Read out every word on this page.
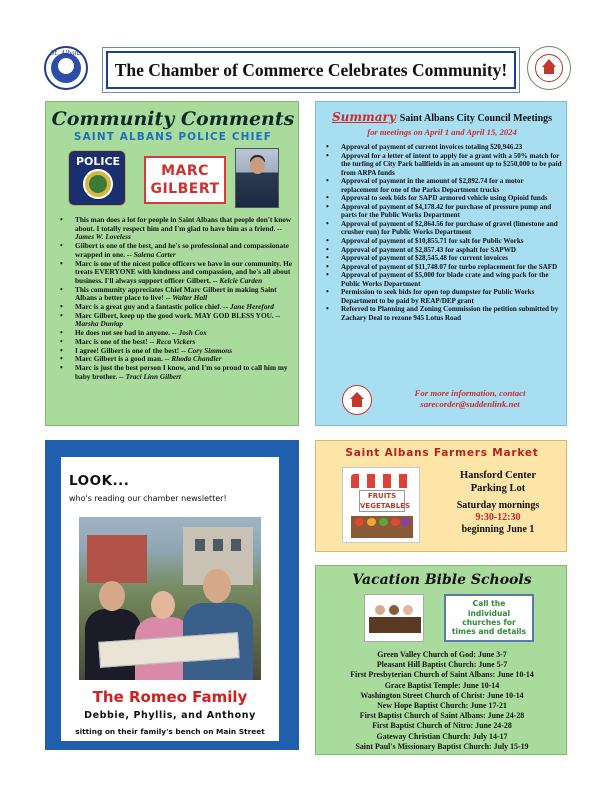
St. Albans
The Chamber of Commerce Celebrates Community!
Community Comments
SAINT ALBANS POLICE CHIEF
POLICE
MARC
GILBERT
• This man does a lot for people in Saint Albans that people don't know about. I totally respect him and I'm glad to have him as a friend. -- James W. Loveless
• Gilbert is one of the best, and he's so professional and compassionate wrapped in one. -- Salena Carter
• Marc is one of the nicest police officers we have in our community. He treats EVERYONE with kindness and compassion, and he's all about business. I'll always support officer Gilbert. -- Kelcie Carden
• This community appreciates Chief Marc Gilbert in making Saint Albans a better place to live! -- Walter Hall
• Marc is a great guy and a fantastic police chief. -- Jane Hereford
• Marc Gilbert, keep up the good work. MAY GOD BLESS YOU. -- Marsha Dunlap
• He does not see bad in anyone. -- Josh Cox
• Marc is one of the best! -- Reca Vickers
• I agree! Gilbert is one of the best! -- Cory Simmons
• Marc Gilbert is a good man. -- Rhoda Chandler
• Marc is just the best person I know, and I'm so proud to call him my baby brother. -- Traci Linn Gilbert
Summary Saint Albans City Council Meetings
for meetings on April 1 and April 15, 2024
• Approval of payment of current invoices totaling $20,946.23
• Approval for a letter of intent to apply for a grant with a 50% match for the turfing of City Park ballfields in an amount up to $250,000 to be paid from ARPA funds
• Approval of payment in the amount of $2,892.74 for a motor replacement for one of the Parks Department trucks
• Approval to seek bids for SAPD armored vehicle using Opioid funds
• Approval of payment of $4,178.42 for purchase of pressure pump and parts for the Public Works Department
• Approval of payment of $2,864.56 for purchase of gravel (limestone and crusher run) for Public Works Department
• Approval of payment of $10,855.71 for salt for Public Works
• Approval of payment of $2,857.43 for asphalt for SAPWD
• Approval of payment of $28,545.48 for current invoices
• Approval of payment of $11,748.07 for turbo replacement for the SAFD
• Approval of payment of $5,000 for blade crate and wing pack for the Public Works Department
• Permission to seek bids for open top dumpster for Public Works Department to be paid by REAP/DEP grant
• Referred to Planning and Zoning Commission the petition submitted by Zachary Deal to rezone 945 Lotus Road
For more information, contact
sarecorder@suddenlink.net
LOOK...
who's reading our chamber newsletter!
The Romeo Family
Debbie, Phyllis, and Anthony
sitting on their family's bench on Main Street
Saint Albans Farmers Market
FRUITS
VEGETABLES
Hansford Center
Parking Lot
Saturday mornings
9:30-12:30
beginning June 1
Vacation Bible Schools
Call the
individual
churches for
times and details
Green Valley Church of God: June 3-7
Pleasant Hill Baptist Church: June 5-7
First Presbyterian Church of Saint Albans: June 10-14
Grace Baptist Temple: June 10-14
Washington Street Church of Christ: June 10-14
New Hope Baptist Church: June 17-21
First Baptist Church of Saint Albans: June 24-28
First Baptist Church of Nitro: June 24-28
Gateway Christian Church: July 14-17
Saint Paul's Missionary Baptist Church: July 15-19
